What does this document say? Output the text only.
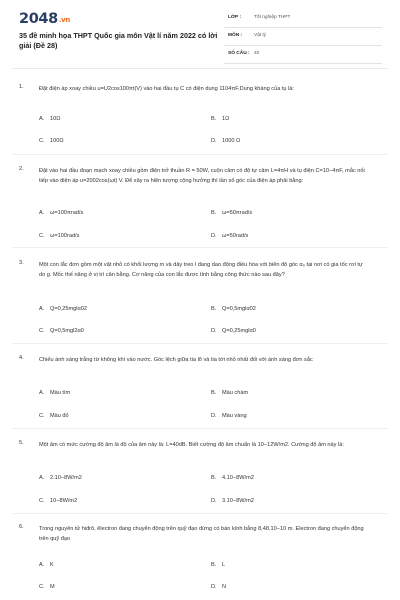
2048.vn
35 đề minh họa THPT Quốc gia môn Vật lí năm 2022 có lời giải (Đề 28)
LỚP :	Tốt nghiệp THPT
MÔN : Vật lý
SỐ CÂU : 40
1.	Đặt điện áp xoay chiều u=U2cos100πt(V) vào hai đầu tụ C có điện dung 1104πF.Dung kháng của tụ là:
A. 10Ω	B. 1Ω
C. 100Ω	D. 1000 Ω
2.	Đặt vào hai đầu đoạn mạch xoay chiều gồm điện trở thuần R = 50W, cuộn cảm có độ tự cảm L=4πH và tụ điện C=10−4πF, mắc nối tiếp vào điện áp u=2002cos(ωt) V. Để xảy ra hiện tượng cộng hưởng thì tần số góc của điện áp phải bằng:
A. ω=100πrad/s	B. ω=50πrad/s
C. ω=100rad/s	D. ω=50rad/s
3.	Một con lắc đơn gồm một vật nhỏ có khối lượng m và dây treo l đang dao động điều hòa với biên độ góc α₀ tại nơi có gia tốc rơi tự do g. Mốc thế năng ở vị trí cân bằng. Cơ năng của con lắc được tính bằng công thức nào sau đây?
A. Q=0,25mglα02	B. Q=0,5mglα02
C. Q=0,5mgl2α0	D. Q=0,25mglα0
4.	Chiếu ánh sáng trắng từ không khí vào nước. Góc lệch giữa tia lõ và tia tới nhỏ nhất đối với ánh sáng đơn sắc
A. Màu tím	B. Màu chàm
C. Màu đỏ	D. Màu vàng
5.	Một âm có mức cường độ âm là độ của âm này là: L=40dB. Biết cường độ âm chuẩn là 10−12W/m2. Cường độ âm này là:
A. 2.10−8W/m2	B. 4.10−8W/m2
C. 10−8W/m2	D. 3.10−8W/m2
6.	Trong nguyên tử hiđrô, êlectron đang chuyển động trên quỹ đạo dừng có bán kính bằng 8,48.10−10 m. Electron đang chuyển động trên quỹ đạo
A. K	B. L
C. M	D. N
